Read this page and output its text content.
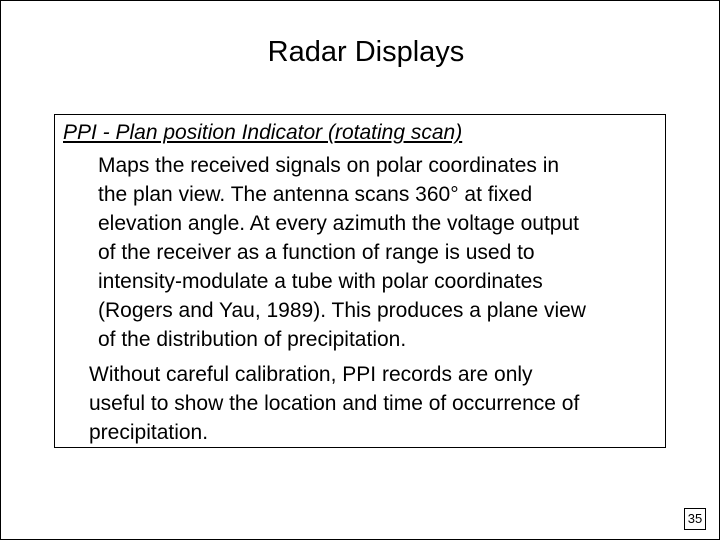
Radar Displays
PPI - Plan position Indicator (rotating scan)
Maps the received signals on polar coordinates in
the plan view. The antenna scans 360° at fixed
elevation angle. At every azimuth the voltage output
of the receiver as a function of range is used to
intensity-modulate a tube with polar coordinates
(Rogers and Yau, 1989). This produces a plane view
of the distribution of precipitation.
Without careful calibration, PPI records are only
useful to show the location and time of occurrence of
precipitation.
35
